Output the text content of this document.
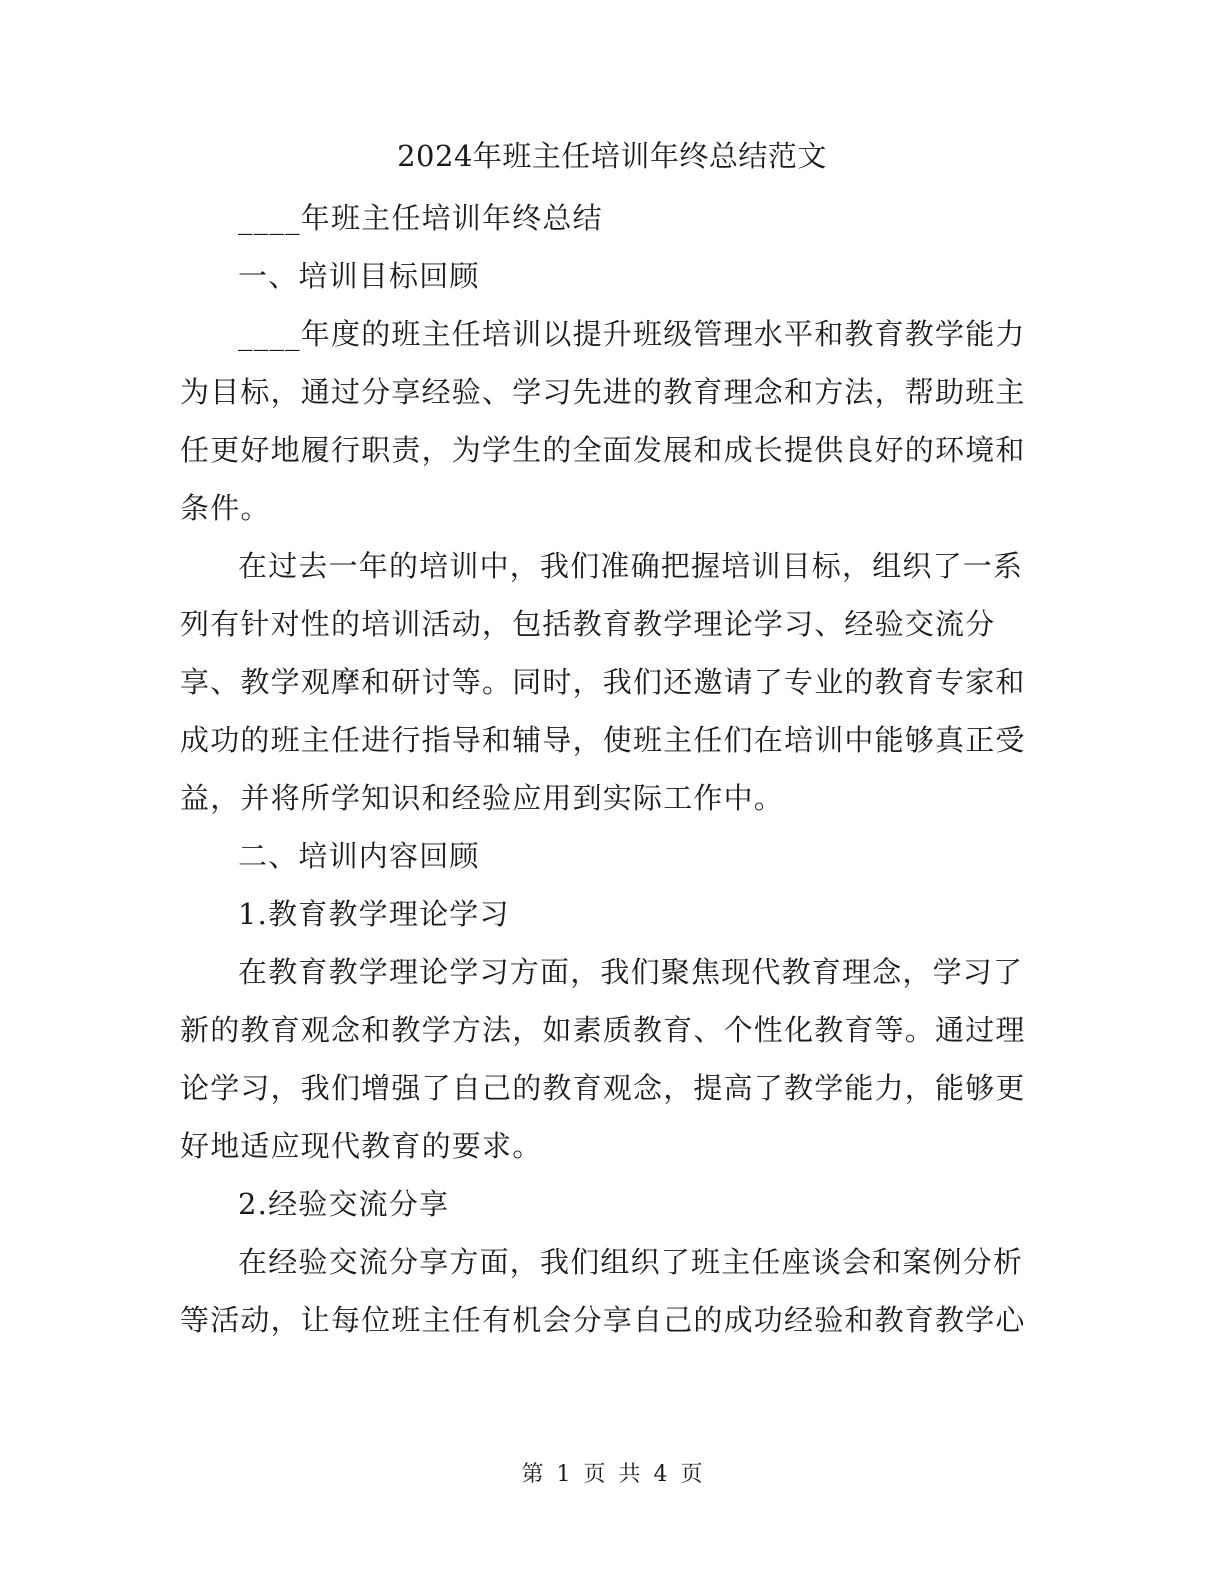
2024年班主任培训年终总结范文
____年班主任培训年终总结
一、培训目标回顾
____年度的班主任培训以提升班级管理水平和教育教学能力
为目标，通过分享经验、学习先进的教育理念和方法，帮助班主
任更好地履行职责，为学生的全面发展和成长提供良好的环境和
条件。
在过去一年的培训中，我们准确把握培训目标，组织了一系
列有针对性的培训活动，包括教育教学理论学习、经验交流分
享、教学观摩和研讨等。同时，我们还邀请了专业的教育专家和
成功的班主任进行指导和辅导，使班主任们在培训中能够真正受
益，并将所学知识和经验应用到实际工作中。
二、培训内容回顾
1.教育教学理论学习
在教育教学理论学习方面，我们聚焦现代教育理念，学习了
新的教育观念和教学方法，如素质教育、个性化教育等。通过理
论学习，我们增强了自己的教育观念，提高了教学能力，能够更
好地适应现代教育的要求。
2.经验交流分享
在经验交流分享方面，我们组织了班主任座谈会和案例分析
等活动，让每位班主任有机会分享自己的成功经验和教育教学心
第 1 页 共 4 页
